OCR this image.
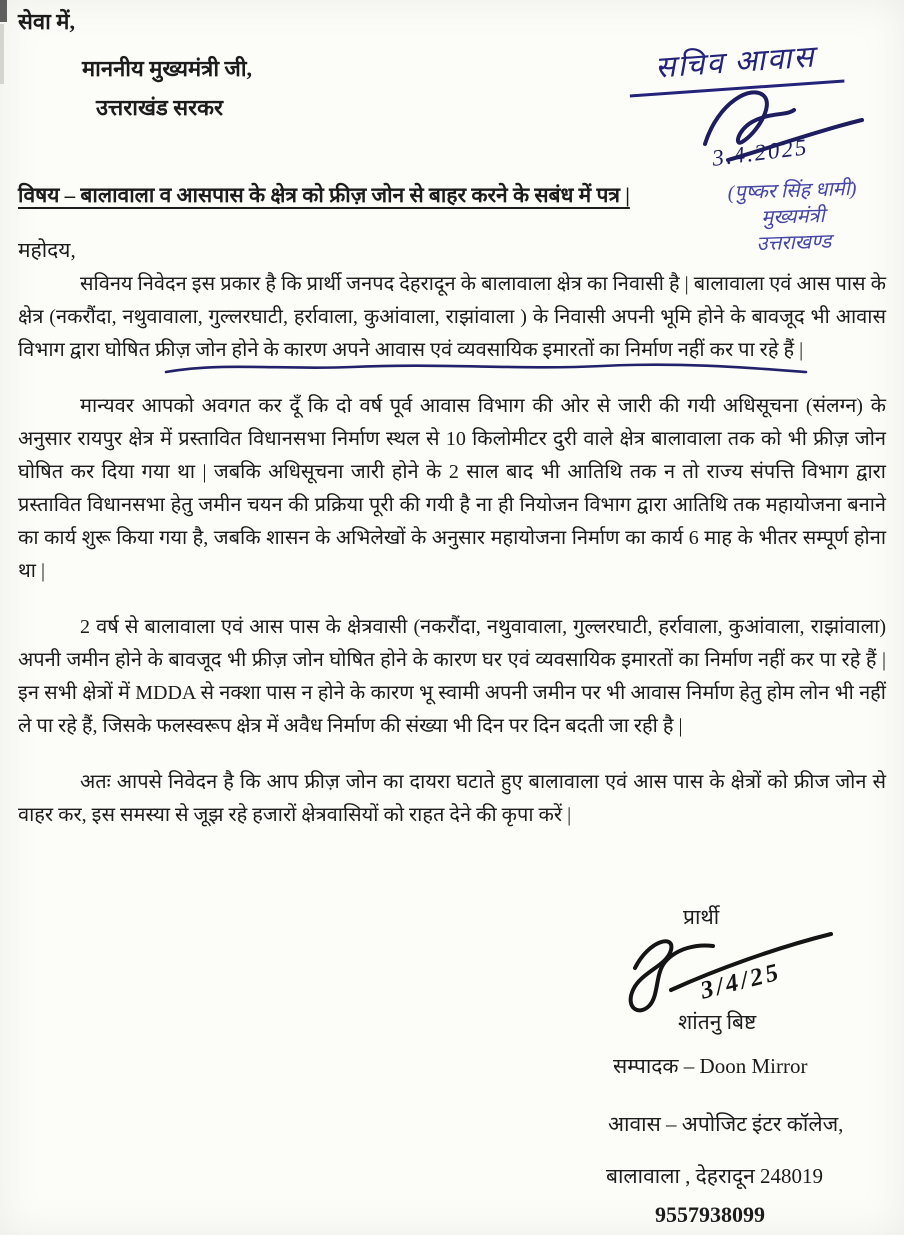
सेवा में,
माननीय मुख्यमंत्री जी,
उत्तराखंड सरकर
सचिव आवास
3.4.2025
(पुष्कर सिंह धामी)
मुख्यमंत्री
उत्तराखण्ड
विषय – बालावाला व आसपास के क्षेत्र को फ्रीज़ जोन से बाहर करने के सबंध में पत्र |
महोदय,

सविनय निवेदन इस प्रकार है कि प्रार्थी जनपद देहरादून के बालावाला क्षेत्र का निवासी है | बालावाला एवं आस पास के क्षेत्र (नकरौंदा, नथुवावाला, गुल्लरघाटी, हर्रावाला, कुआंवाला, राझांवाला ) के निवासी अपनी भूमि होने के बावजूद भी आवास विभाग द्वारा घोषित फ्रीज़ जोन होने के कारण अपने आवास एवं व्यवसायिक इमारतों का निर्माण नहीं कर पा रहे हैं |

मान्यवर आपको अवगत कर दूँ कि दो वर्ष पूर्व आवास विभाग की ओर से जारी की गयी अधिसूचना (संलग्न) के अनुसार रायपुर क्षेत्र में प्रस्तावित विधानसभा निर्माण स्थल से 10 किलोमीटर दुरी वाले क्षेत्र बालावाला तक को भी फ्रीज़ जोन घोषित कर दिया गया था | जबकि अधिसूचना जारी होने के 2 साल बाद भी आतिथि तक न तो राज्य संपत्ति विभाग द्वारा प्रस्तावित विधानसभा हेतु जमीन चयन की प्रक्रिया पूरी की गयी है ना ही नियोजन विभाग द्वारा आतिथि तक महायोजना बनाने का कार्य शुरू किया गया है, जबकि शासन के अभिलेखों के अनुसार महायोजना निर्माण का कार्य 6 माह के भीतर सम्पूर्ण होना था |

2 वर्ष से बालावाला एवं आस पास के क्षेत्रवासी (नकरौंदा, नथुवावाला, गुल्लरघाटी, हर्रावाला, कुआंवाला, राझांवाला) अपनी जमीन होने के बावजूद भी फ्रीज़ जोन घोषित होने के कारण घर एवं व्यवसायिक इमारतों का निर्माण नहीं कर पा रहे हैं | इन सभी क्षेत्रों में MDDA से नक्शा पास न होने के कारण भू स्वामी अपनी जमीन पर भी आवास निर्माण हेतु होम लोन भी नहीं ले पा रहे हैं, जिसके फलस्वरूप क्षेत्र में अवैध निर्माण की संख्या भी दिन पर दिन बदती जा रही है |

अतः आपसे निवेदन है कि आप फ्रीज़ जोन का दायरा घटाते हुए बालावाला एवं आस पास के क्षेत्रों को फ्रीज जोन से वाहर कर, इस समस्या से जूझ रहे हजारों क्षेत्रवासियों को राहत देने की कृपा करें |

प्रार्थी
3/4/25
शांतनु बिष्ट
सम्पादक – Doon Mirror
आवास – अपोजिट इंटर कॉलेज,
बालावाला , देहरादून 248019
9557938099
